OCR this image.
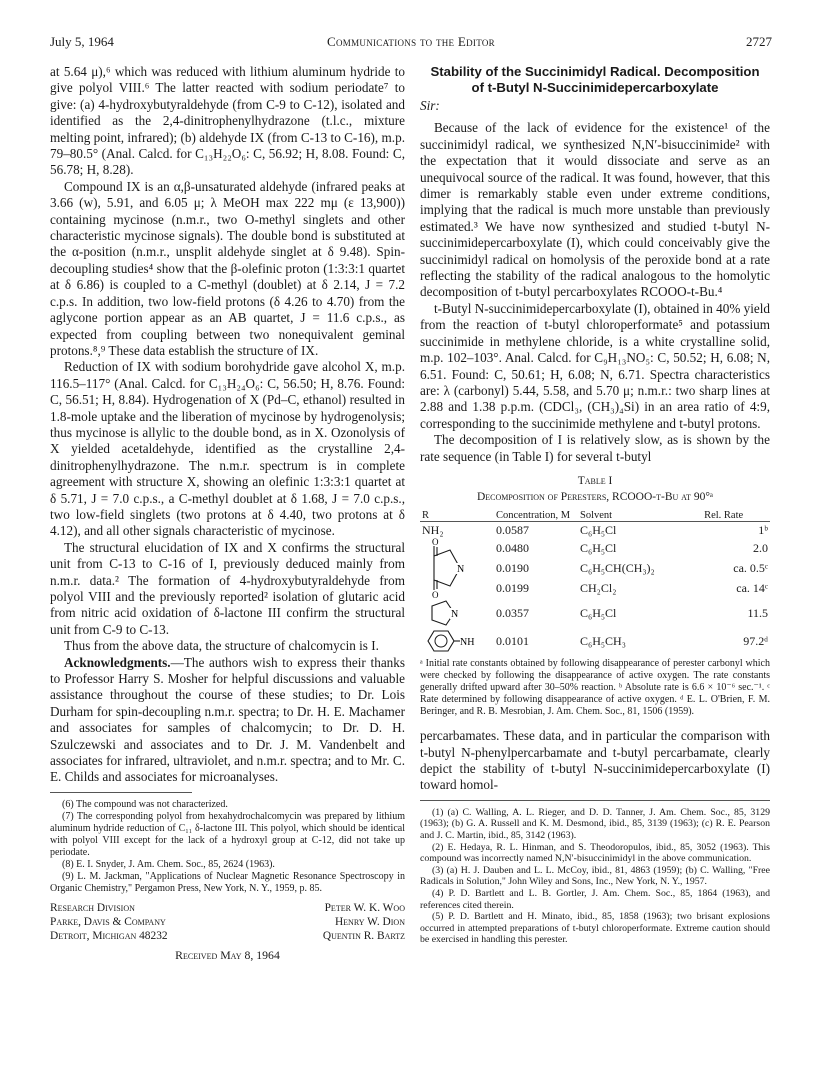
July 5, 1964	Communications to the Editor	2727

at 5.64 μ),⁶ which was reduced with lithium aluminum hydride to give polyol VIII.⁶ The latter reacted with sodium periodate⁷ to give: (a) 4-hydroxybutyraldehyde (from C-9 to C-12), isolated and identified as the 2,4-dinitrophenylhydrazone (t.l.c., mixture melting point, infrared); (b) aldehyde IX (from C-13 to C-16), m.p. 79–80.5° (Anal. Calcd. for C₁₃H₂₂O₆: C, 56.92; H, 8.08. Found: C, 56.78; H, 8.28).

Compound IX is an α,β-unsaturated aldehyde (infrared peaks at 3.66 (w), 5.91, and 6.05 μ; λ MeOH max 222 mμ (ε 13,900)) containing mycinose (n.m.r., two O-methyl singlets and other characteristic mycinose signals). The double bond is substituted at the α-position (n.m.r., unsplit aldehyde singlet at δ 9.48). Spin-decoupling studies⁴ show that the β-olefinic proton (1:3:3:1 quartet at δ 6.86) is coupled to a C-methyl (doublet) at δ 2.14, J = 7.2 c.p.s. In addition, two low-field protons (δ 4.26 to 4.70) from the aglycone portion appear as an AB quartet, J = 11.6 c.p.s., as expected from coupling between two nonequivalent geminal protons.⁸,⁹ These data establish the structure of IX.

Reduction of IX with sodium borohydride gave alcohol X, m.p. 116.5–117° (Anal. Calcd. for C₁₃H₂₄O₆: C, 56.50; H, 8.76. Found: C, 56.51; H, 8.84). Hydrogenation of X (Pd–C, ethanol) resulted in 1.8-mole uptake and the liberation of mycinose by hydrogenolysis; thus mycinose is allylic to the double bond, as in X. Ozonolysis of X yielded acetaldehyde, identified as the crystalline 2,4-dinitrophenylhydrazone. The n.m.r. spectrum is in complete agreement with structure X, showing an olefinic 1:3:3:1 quartet at δ 5.71, J = 7.0 c.p.s., a C-methyl doublet at δ 1.68, J = 7.0 c.p.s., two low-field singlets (two protons at δ 4.40, two protons at δ 4.12), and all other signals characteristic of mycinose.

The structural elucidation of IX and X confirms the structural unit from C-13 to C-16 of I, previously deduced mainly from n.m.r. data.² The formation of 4-hydroxybutyraldehyde from polyol VIII and the previously reported² isolation of glutaric acid from nitric acid oxidation of δ-lactone III confirm the structural unit from C-9 to C-13.

Thus from the above data, the structure of chalcomycin is I.

Acknowledgments.—The authors wish to express their thanks to Professor Harry S. Mosher for helpful discussions and valuable assistance throughout the course of these studies; to Dr. Lois Durham for spin-decoupling n.m.r. spectra; to Dr. H. E. Machamer and associates for samples of chalcomycin; to Dr. D. H. Szulczewski and associates and to Dr. J. M. Vandenbelt and associates for infrared, ultraviolet, and n.m.r. spectra; and to Mr. C. E. Childs and associates for microanalyses.

(6) The compound was not characterized.

(7) The corresponding polyol from hexahydrochalcomycin was prepared by lithium aluminum hydride reduction of C₁₁ δ-lactone III. This polyol, which should be identical with polyol VIII except for the lack of a hydroxyl group at C-12, did not take up periodate.

(8) E. I. Snyder, J. Am. Chem. Soc., 85, 2624 (1963).

(9) L. M. Jackman, "Applications of Nuclear Magnetic Resonance Spectroscopy in Organic Chemistry," Pergamon Press, New York, N. Y., 1959, p. 85.

Research Division	Peter W. K. Woo
Parke, Davis & Company	Henry W. Dion
Detroit, Michigan 48232	Quentin R. Bartz
Received May 8, 1964
Stability of the Succinimidyl Radical. Decomposition
of t-Butyl N-Succinimidepercarboxylate
Sir:

Because of the lack of evidence for the existence¹ of the succinimidyl radical, we synthesized N,N′-bisuccinimide² with the expectation that it would dissociate and serve as an unequivocal source of the radical. It was found, however, that this dimer is remarkably stable even under extreme conditions, implying that the radical is much more unstable than previously estimated.³ We have now synthesized and studied t-butyl N-succinimidepercarboxylate (I), which could conceivably give the succinimidyl radical on homolysis of the peroxide bond at a rate reflecting the stability of the radical analogous to the homolytic decomposition of t-butyl percarboxylates RCOOO-t-Bu.⁴

t-Butyl N-succinimidepercarboxylate (I), obtained in 40% yield from the reaction of t-butyl chloroperformate⁵ and potassium succinimide in methylene chloride, is a white crystalline solid, m.p. 102–103°. Anal. Calcd. for C₉H₁₃NO₅: C, 50.52; H, 6.08; N, 6.51. Found: C, 50.61; H, 6.08; N, 6.71. Spectra characteristics are: λ (carbonyl) 5.44, 5.58, and 5.70 μ; n.m.r.: two sharp lines at 2.88 and 1.38 p.p.m. (CDCl₃, (CH₃)₄Si) in an area ratio of 4:9, corresponding to the succinimide methylene and t-butyl protons.

The decomposition of I is relatively slow, as is shown by the rate sequence (in Table I) for several t-butyl

Table I
Decomposition of Peresters, RCOOO-t-Bu at 90°ᵃ
R	Concentration, M	Solvent	Rel. Rate
NH₂	0.0587	C₆H₅Cl	1ᵇ

N
O
O	0.0480	C₆H₅Cl	2.0
	0.0190	C₆H₅CH(CH₃)₂	ca. 0.5ᶜ
	0.0199	CH₂Cl₂	ca. 14ᶜ

N	0.0357	C₆H₅Cl	11.5

NH	0.0101	C₆H₅CH₃	97.2ᵈ
ᵃ Initial rate constants obtained by following disappearance of perester carbonyl which were checked by following the disappearance of active oxygen. The rate constants generally drifted upward after 30–50% reaction. ᵇ Absolute rate is 6.6 × 10⁻⁶ sec.⁻¹. ᶜ Rate determined by following disappearance of active oxygen. ᵈ E. L. O'Brien, F. M. Beringer, and R. B. Mesrobian, J. Am. Chem. Soc., 81, 1506 (1959).

percarbamates. These data, and in particular the comparison with t-butyl N-phenylpercarbamate and t-butyl percarbamate, clearly depict the stability of t-butyl N-succinimidepercarboxylate (I) toward homol-

(1) (a) C. Walling, A. L. Rieger, and D. D. Tanner, J. Am. Chem. Soc., 85, 3129 (1963); (b) G. A. Russell and K. M. Desmond, ibid., 85, 3139 (1963); (c) R. E. Pearson and J. C. Martin, ibid., 85, 3142 (1963).

(2) E. Hedaya, R. L. Hinman, and S. Theodoropulos, ibid., 85, 3052 (1963). This compound was incorrectly named N,N′-bisuccinimidyl in the above communication.

(3) (a) H. J. Dauben and L. L. McCoy, ibid., 81, 4863 (1959); (b) C. Walling, "Free Radicals in Solution," John Wiley and Sons, Inc., New York, N. Y., 1957.

(4) P. D. Bartlett and L. B. Gortler, J. Am. Chem. Soc., 85, 1864 (1963), and references cited therein.

(5) P. D. Bartlett and H. Minato, ibid., 85, 1858 (1963); two brisant explosions occurred in attempted preparations of t-butyl chloroperformate. Extreme caution should be exercised in handling this perester.
